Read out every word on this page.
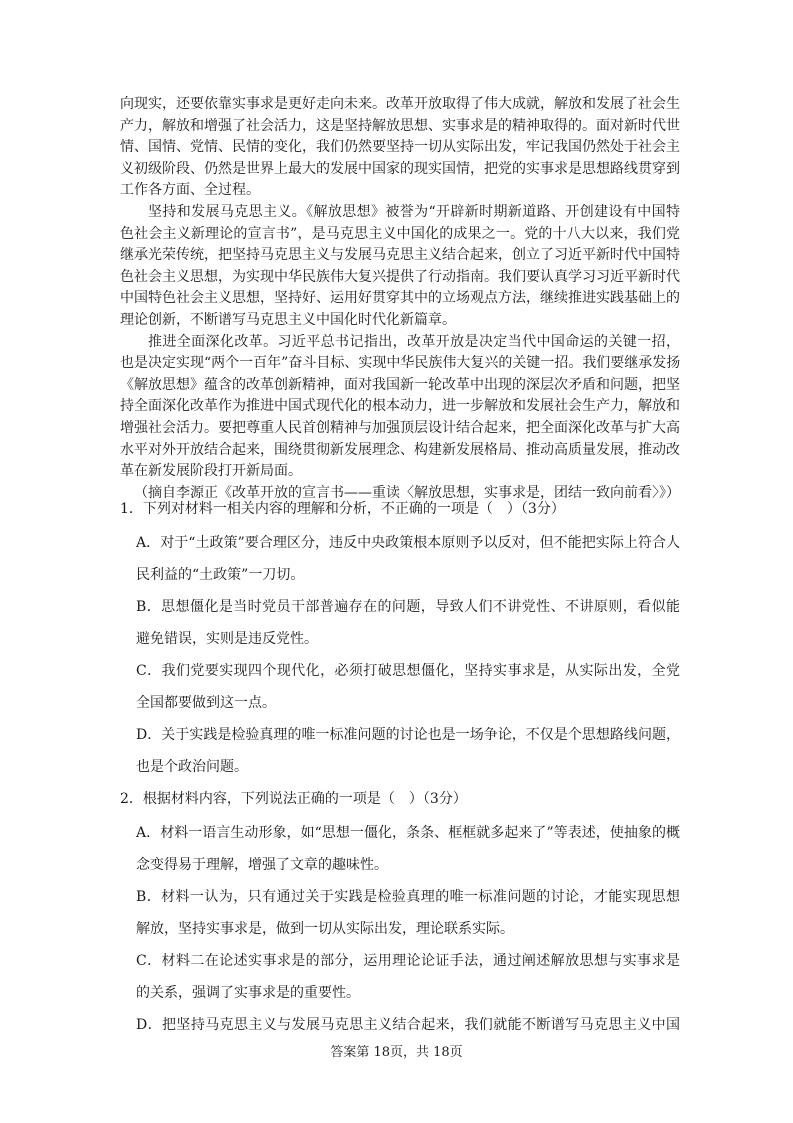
向现实，还要依靠实事求是更好走向未来。改革开放取得了伟大成就，解放和发展了社会生
产力，解放和增强了社会活力，这是坚持解放思想、实事求是的精神取得的。面对新时代世
情、国情、党情、民情的变化，我们仍然要坚持一切从实际出发，牢记我国仍然处于社会主
义初级阶段、仍然是世界上最大的发展中国家的现实国情，把党的实事求是思想路线贯穿到
工作各方面、全过程。
坚持和发展马克思主义。《解放思想》被誉为“开辟新时期新道路、开创建设有中国特
色社会主义新理论的宣言书”，是马克思主义中国化的成果之一。党的十八大以来，我们党
继承光荣传统，把坚持马克思主义与发展马克思主义结合起来，创立了习近平新时代中国特
色社会主义思想，为实现中华民族伟大复兴提供了行动指南。我们要认真学习习近平新时代
中国特色社会主义思想，坚持好、运用好贯穿其中的立场观点方法，继续推进实践基础上的
理论创新，不断谱写马克思主义中国化时代化新篇章。
推进全面深化改革。习近平总书记指出，改革开放是决定当代中国命运的关键一招，
也是决定实现“两个一百年”奋斗目标、实现中华民族伟大复兴的关键一招。我们要继承发扬
《解放思想》蕴含的改革创新精神，面对我国新一轮改革中出现的深层次矛盾和问题，把坚
持全面深化改革作为推进中国式现代化的根本动力，进一步解放和发展社会生产力，解放和
增强社会活力。要把尊重人民首创精神与加强顶层设计结合起来，把全面深化改革与扩大高
水平对外开放结合起来，围绕贯彻新发展理念、构建新发展格局、推动高质量发展，推动改
革在新发展阶段打开新局面。
（摘自李源正《改革开放的宣言书——重读〈解放思想，实事求是，团结一致向前看〉》）
1．下列对材料一相关内容的理解和分析，不正确的一项是（　）（3分）
A．对于“土政策”要合理区分，违反中央政策根本原则予以反对，但不能把实际上符合人
民利益的“土政策”一刀切。
B．思想僵化是当时党员干部普遍存在的问题，导致人们不讲党性、不讲原则，看似能
避免错误，实则是违反党性。
C．我们党要实现四个现代化，必须打破思想僵化，坚持实事求是，从实际出发，全党
全国都要做到这一点。
D．关于实践是检验真理的唯一标准问题的讨论也是一场争论，不仅是个思想路线问题，
也是个政治问题。
2．根据材料内容，下列说法正确的一项是（　）（3分）
A．材料一语言生动形象，如“思想一僵化，条条、框框就多起来了”等表述，使抽象的概
念变得易于理解，增强了文章的趣味性。
B．材料一认为，只有通过关于实践是检验真理的唯一标准问题的讨论，才能实现思想
解放，坚持实事求是，做到一切从实际出发，理论联系实际。
C．材料二在论述实事求是的部分，运用理论论证手法，通过阐述解放思想与实事求是
的关系，强调了实事求是的重要性。
D．把坚持马克思主义与发展马克思主义结合起来，我们就能不断谱写马克思主义中国
答案第 18页，共 18页
